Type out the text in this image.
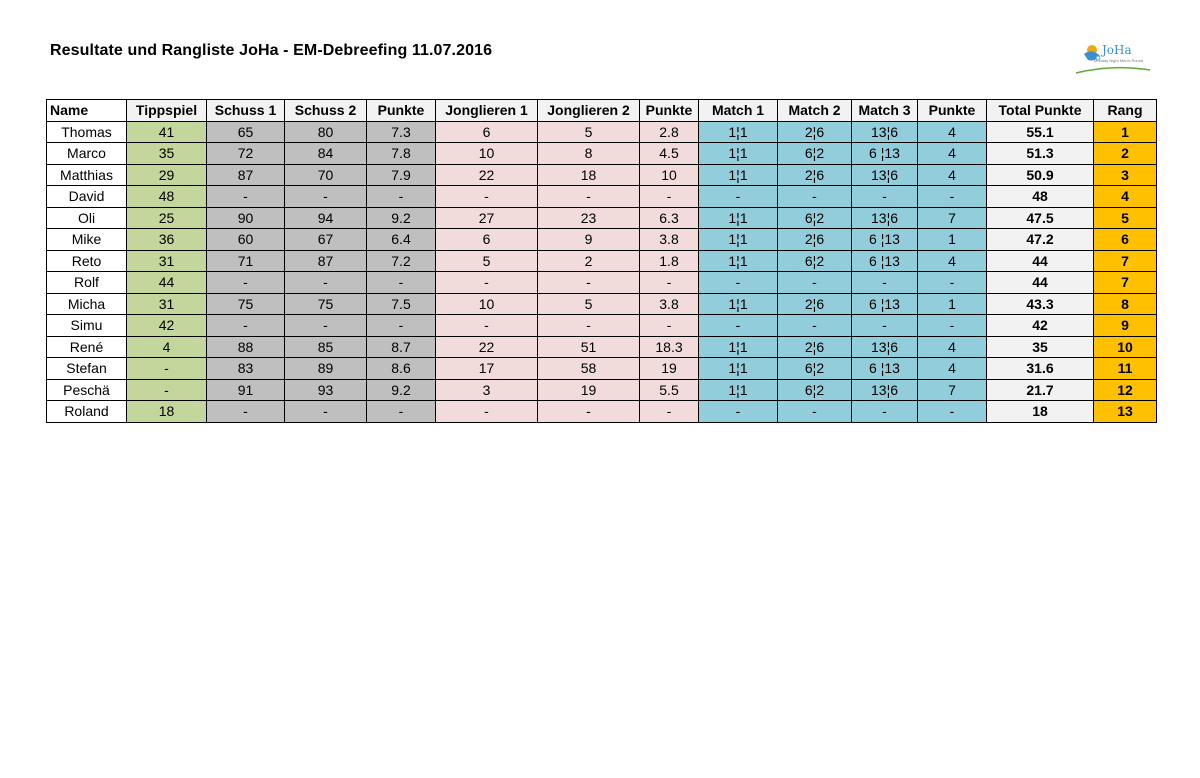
Resultate und Rangliste JoHa - EM-Debreefing 11.07.2016	JoHa
Monday Night Men's Round
Name	Tippspiel	Schuss 1	Schuss 2	Punkte	Jonglieren 1	Jonglieren 2	Punkte	Match 1	Match 2	Match 3	Punkte	Total Punkte	Rang
Thomas	41	65	80	7.3	6	5	2.8	1¦1	2¦6	13¦6	4	55.1	1
Marco	35	72	84	7.8	10	8	4.5	1¦1	6¦2	6 ¦13	4	51.3	2
Matthias	29	87	70	7.9	22	18	10	1¦1	2¦6	13¦6	4	50.9	3
David	48	-	-	-	-	-	-	-	-	-	-	48	4
Oli	25	90	94	9.2	27	23	6.3	1¦1	6¦2	13¦6	7	47.5	5
Mike	36	60	67	6.4	6	9	3.8	1¦1	2¦6	6 ¦13	1	47.2	6
Reto	31	71	87	7.2	5	2	1.8	1¦1	6¦2	6 ¦13	4	44	7
Rolf	44	-	-	-	-	-	-	-	-	-	-	44	7
Micha	31	75	75	7.5	10	5	3.8	1¦1	2¦6	6 ¦13	1	43.3	8
Simu	42	-	-	-	-	-	-	-	-	-	-	42	9
René	4	88	85	8.7	22	51	18.3	1¦1	2¦6	13¦6	4	35	10
Stefan	-	83	89	8.6	17	58	19	1¦1	6¦2	6 ¦13	4	31.6	11
Peschä	-	91	93	9.2	3	19	5.5	1¦1	6¦2	13¦6	7	21.7	12
Roland	18	-	-	-	-	-	-	-	-	-	-	18	13
